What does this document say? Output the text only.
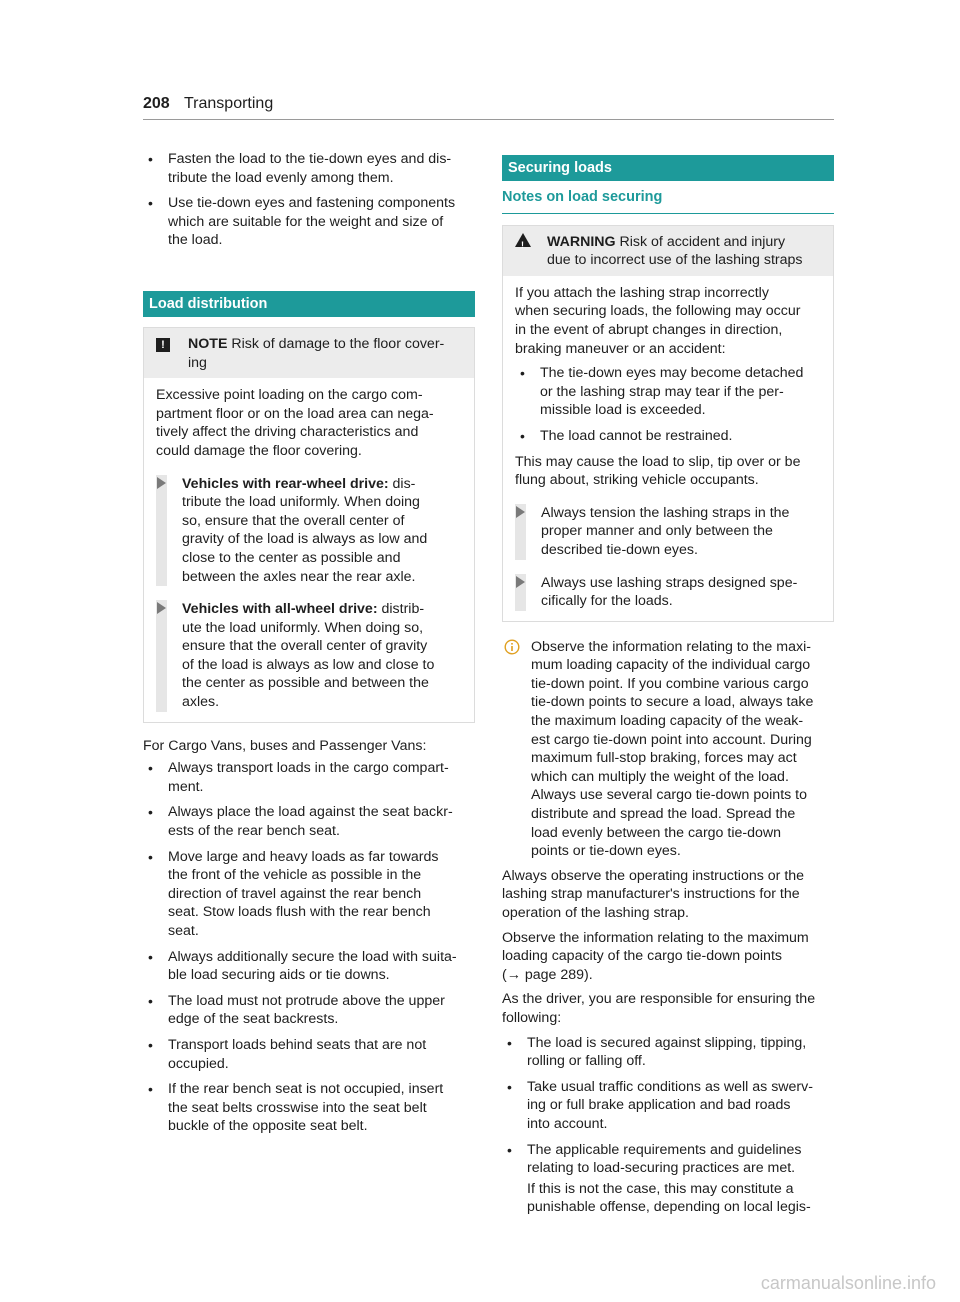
208 Transporting
• Fasten the load to the tie-down eyes and dis-
tribute the load evenly among them.
• Use tie-down eyes and fastening components
which are suitable for the weight and size of
the load.
Load distribution
!	NOTE Risk of damage to the floor cover-
ing

Excessive point loading on the cargo com-
partment floor or on the load area can nega-
tively affect the driving characteristics and
could damage the floor covering.

Vehicles with rear-wheel drive: dis-
tribute the load uniformly. When doing
so, ensure that the overall center of
gravity of the load is always as low and
close to the center as possible and
between the axles near the rear axle.
Vehicles with all-wheel drive: distrib-
ute the load uniformly. When doing so,
ensure that the overall center of gravity
of the load is always as low and close to
the center as possible and between the
axles.

For Cargo Vans, buses and Passenger Vans:

• Always transport loads in the cargo compart-
ment.
• Always place the load against the seat backr-
ests of the rear bench seat.
• Move large and heavy loads as far towards
the front of the vehicle as possible in the
direction of travel against the rear bench
seat. Stow loads flush with the rear bench
seat.
• Always additionally secure the load with suita-
ble load securing aids or tie downs.
• The load must not protrude above the upper
edge of the seat backrests.
• Transport loads behind seats that are not
occupied.
• If the rear bench seat is not occupied, insert
the seat belts crosswise into the seat belt
buckle of the opposite seat belt.
Securing loads
Notes on load securing
! WARNING Risk of accident and injury
due to incorrect use of the lashing straps

If you attach the lashing strap incorrectly
when securing loads, the following may occur
in the event of abrupt changes in direction,
braking maneuver or an accident:

• The tie-down eyes may become detached
or the lashing strap may tear if the per-
missible load is exceeded.
• The load cannot be restrained.

This may cause the load to slip, tip over or be
flung about, striking vehicle occupants.

Always tension the lashing straps in the
proper manner and only between the
described tie-down eyes.
Always use lashing straps designed spe-
cifically for the loads.
Observe the information relating to the maxi-
mum loading capacity of the individual cargo
tie-down point. If you combine various cargo
tie-down points to secure a load, always take
the maximum loading capacity of the weak-
est cargo tie-down point into account. During
maximum full-stop braking, forces may act
which can multiply the weight of the load.
Always use several cargo tie-down points to
distribute and spread the load. Spread the
load evenly between the cargo tie-down
points or tie-down eyes.

Always observe the operating instructions or the
lashing strap manufacturer's instructions for the
operation of the lashing strap.

Observe the information relating to the maximum
loading capacity of the cargo tie-down points
(→ page 289).

As the driver, you are responsible for ensuring the
following:

• The load is secured against slipping, tipping,
rolling or falling off.
• Take usual traffic conditions as well as swerv-
ing or full brake application and bad roads
into account.
• The applicable requirements and guidelines
relating to load-securing practices are met.

If this is not the case, this may constitute a
punishable offense, depending on local legis-

carmanualsonline.info
